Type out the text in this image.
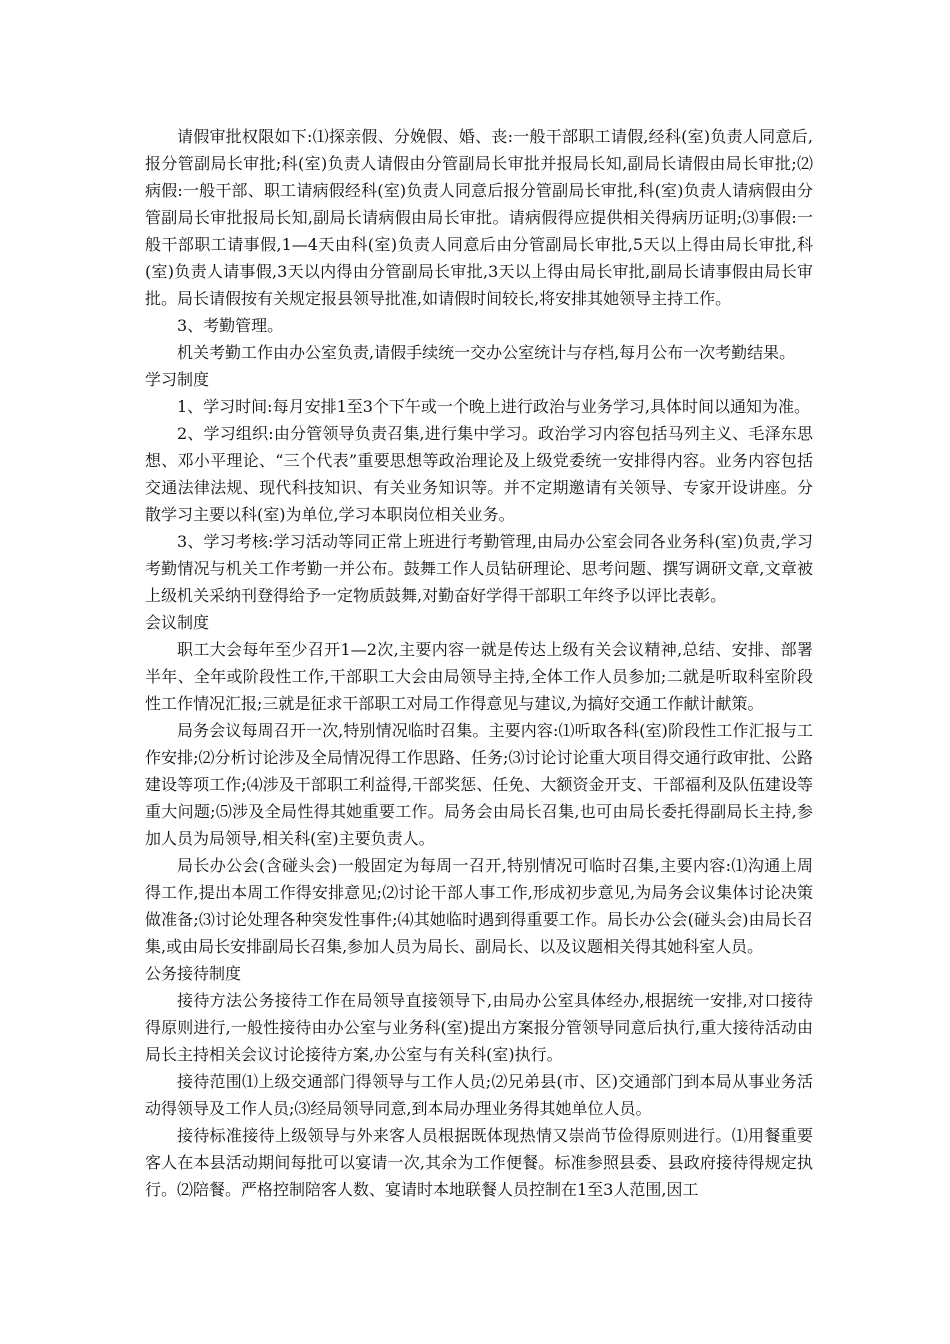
请假审批权限如下:⑴探亲假、分娩假、婚、丧:一般干部职工请假,经科(室)负责人同意后,报分管副局长审批;科(室)负责人请假由分管副局长审批并报局长知,副局长请假由局长审批;⑵病假:一般干部、职工请病假经科(室)负责人同意后报分管副局长审批,科(室)负责人请病假由分管副局长审批报局长知,副局长请病假由局长审批。请病假得应提供相关得病历证明;⑶事假:一般干部职工请事假,1—4天由科(室)负责人同意后由分管副局长审批,5天以上得由局长审批,科(室)负责人请事假,3天以内得由分管副局长审批,3天以上得由局长审批,副局长请事假由局长审批。局长请假按有关规定报县领导批准,如请假时间较长,将安排其她领导主持工作。

3、考勤管理。

机关考勤工作由办公室负责,请假手续统一交办公室统计与存档,每月公布一次考勤结果。

学习制度

1、学习时间:每月安排1至3个下午或一个晚上进行政治与业务学习,具体时间以通知为准。

2、学习组织:由分管领导负责召集,进行集中学习。政治学习内容包括马列主义、毛泽东思想、邓小平理论、“三个代表”重要思想等政治理论及上级党委统一安排得内容。业务内容包括交通法律法规、现代科技知识、有关业务知识等。并不定期邀请有关领导、专家开设讲座。分散学习主要以科(室)为单位,学习本职岗位相关业务。

3、学习考核:学习活动等同正常上班进行考勤管理,由局办公室会同各业务科(室)负责,学习考勤情况与机关工作考勤一并公布。鼓舞工作人员钻研理论、思考问题、撰写调研文章,文章被上级机关采纳刊登得给予一定物质鼓舞,对勤奋好学得干部职工年终予以评比表彰。

会议制度

职工大会每年至少召开1—2次,主要内容一就是传达上级有关会议精神,总结、安排、部署半年、全年或阶段性工作,干部职工大会由局领导主持,全体工作人员参加;二就是听取科室阶段性工作情况汇报;三就是征求干部职工对局工作得意见与建议,为搞好交通工作献计献策。

局务会议每周召开一次,特别情况临时召集。主要内容:⑴听取各科(室)阶段性工作汇报与工作安排;⑵分析讨论涉及全局情况得工作思路、任务;⑶讨论讨论重大项目得交通行政审批、公路建设等项工作;⑷涉及干部职工利益得,干部奖惩、任免、大额资金开支、干部福利及队伍建设等重大问题;⑸涉及全局性得其她重要工作。局务会由局长召集,也可由局长委托得副局长主持,参加人员为局领导,相关科(室)主要负责人。

局长办公会(含碰头会)一般固定为每周一召开,特别情况可临时召集,主要内容:⑴沟通上周得工作,提出本周工作得安排意见;⑵讨论干部人事工作,形成初步意见,为局务会议集体讨论决策做准备;⑶讨论处理各种突发性事件;⑷其她临时遇到得重要工作。局长办公会(碰头会)由局长召集,或由局长安排副局长召集,参加人员为局长、副局长、以及议题相关得其她科室人员。

公务接待制度

接待方法公务接待工作在局领导直接领导下,由局办公室具体经办,根据统一安排,对口接待得原则进行,一般性接待由办公室与业务科(室)提出方案报分管领导同意后执行,重大接待活动由局长主持相关会议讨论接待方案,办公室与有关科(室)执行。

接待范围⑴上级交通部门得领导与工作人员;⑵兄弟县(市、区)交通部门到本局从事业务活动得领导及工作人员;⑶经局领导同意,到本局办理业务得其她单位人员。

接待标准接待上级领导与外来客人员根据既体现热情又崇尚节俭得原则进行。⑴用餐重要客人在本县活动期间每批可以宴请一次,其余为工作便餐。标准参照县委、县政府接待得规定执行。⑵陪餐。严格控制陪客人数、宴请时本地联餐人员控制在1至3人范围,因工
